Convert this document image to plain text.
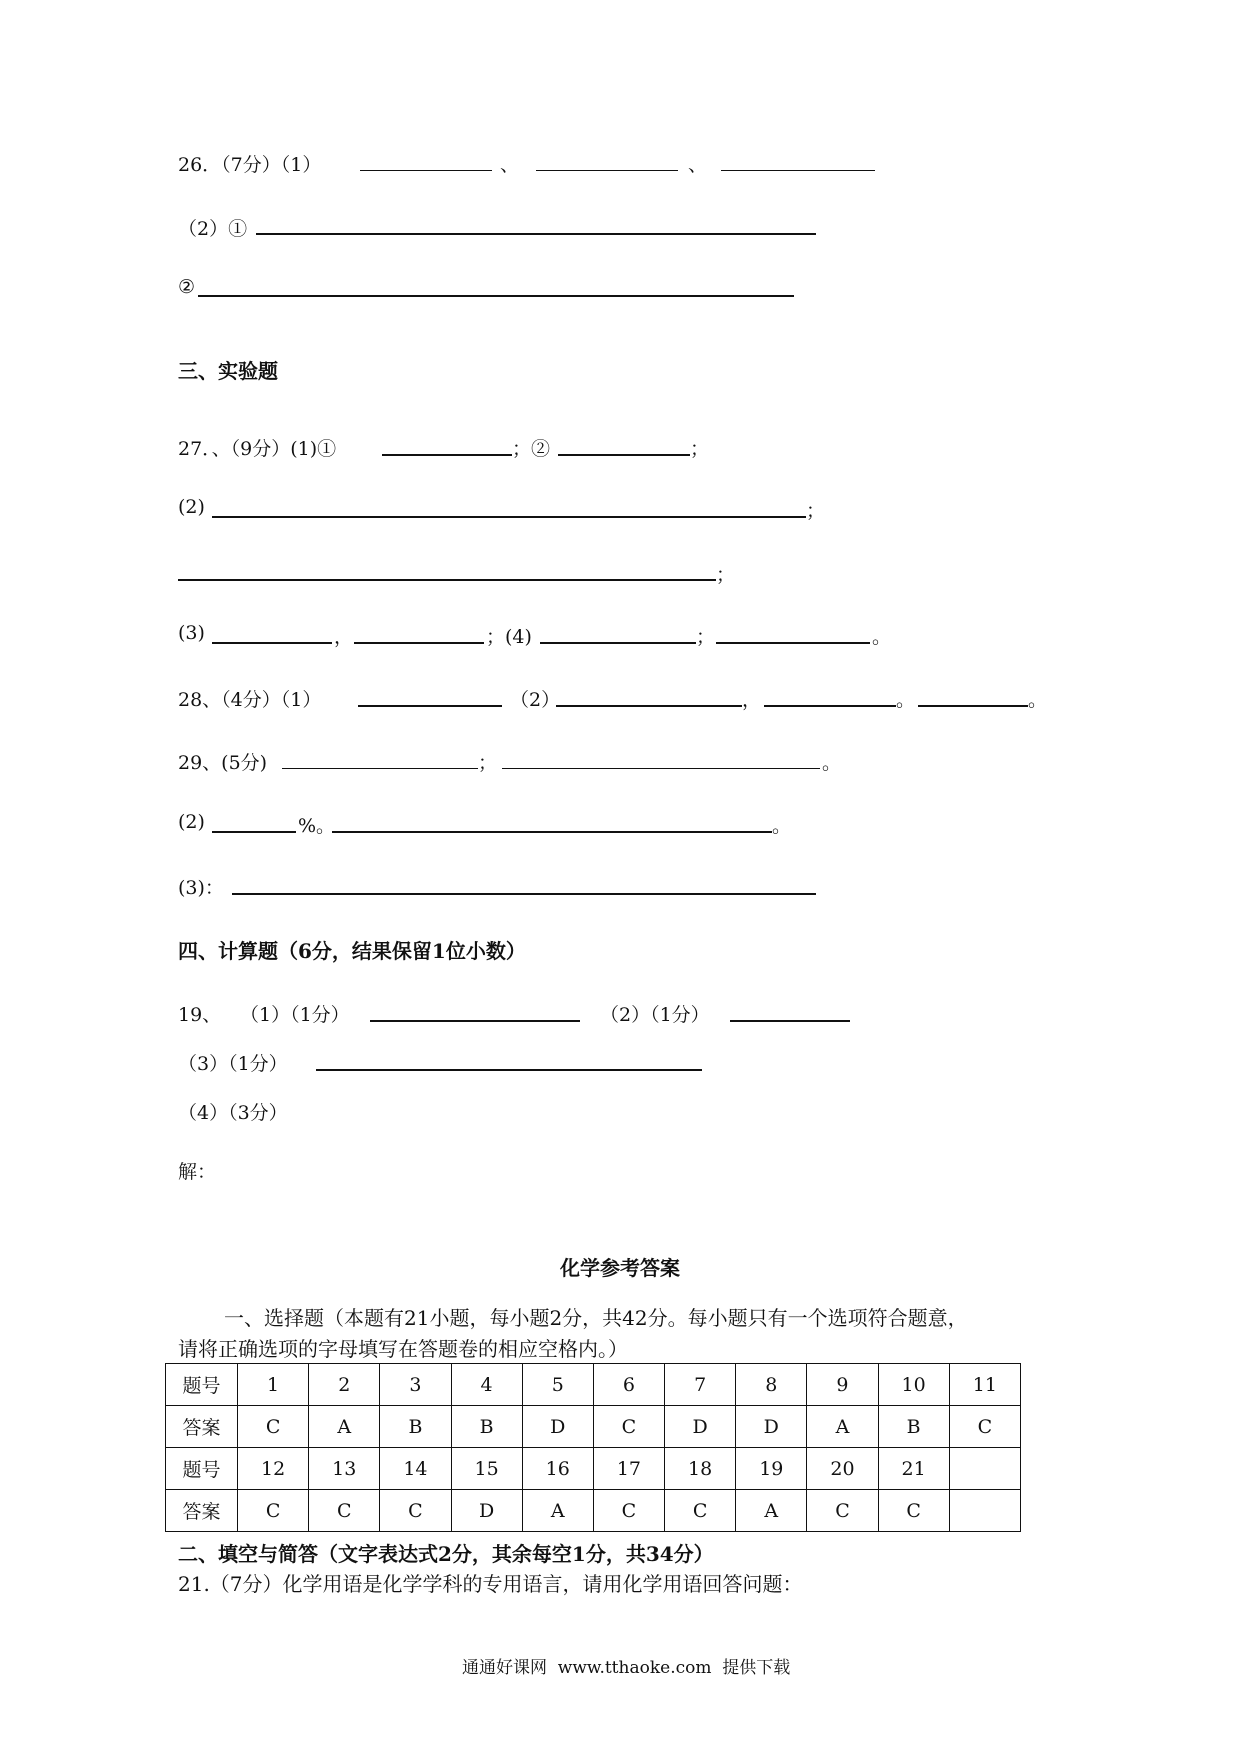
26．（7分）（1）	、	、
（2）①
②
三、实验题
27．、（9分）(1)①	；②	；
(2)	；
；
(3)	，	；(4)	；	。
28、（4分）（1）	（2）	，	。	。
29、(5分)	；	。
(2)	%。	。
(3)：
四、计算题（6分，结果保留1位小数）
19、 （1）（1分）	（2）（1分）
（3）（1分）
（4）（3分）
解：
化学参考答案
一、选择题（本题有21小题，每小题2分，共42分。每小题只有一个选项符合题意，
请将正确选项的字母填写在答题卷的相应空格内。）
题号	1	2	3	4	5	6	7	8	9	10	11
答案	C	A	B	B	D	C	D	D	A	B	C
题号	12	13	14	15	16	17	18	19	20	21	
答案	C	C	C	D	A	C	C	A	C	C	
二、填空与简答（文字表达式2分，其余每空1分，共34分）
21.（7分）化学用语是化学学科的专用语言，请用化学用语回答问题：
通通好课网  www.tthaoke.com  提供下载
